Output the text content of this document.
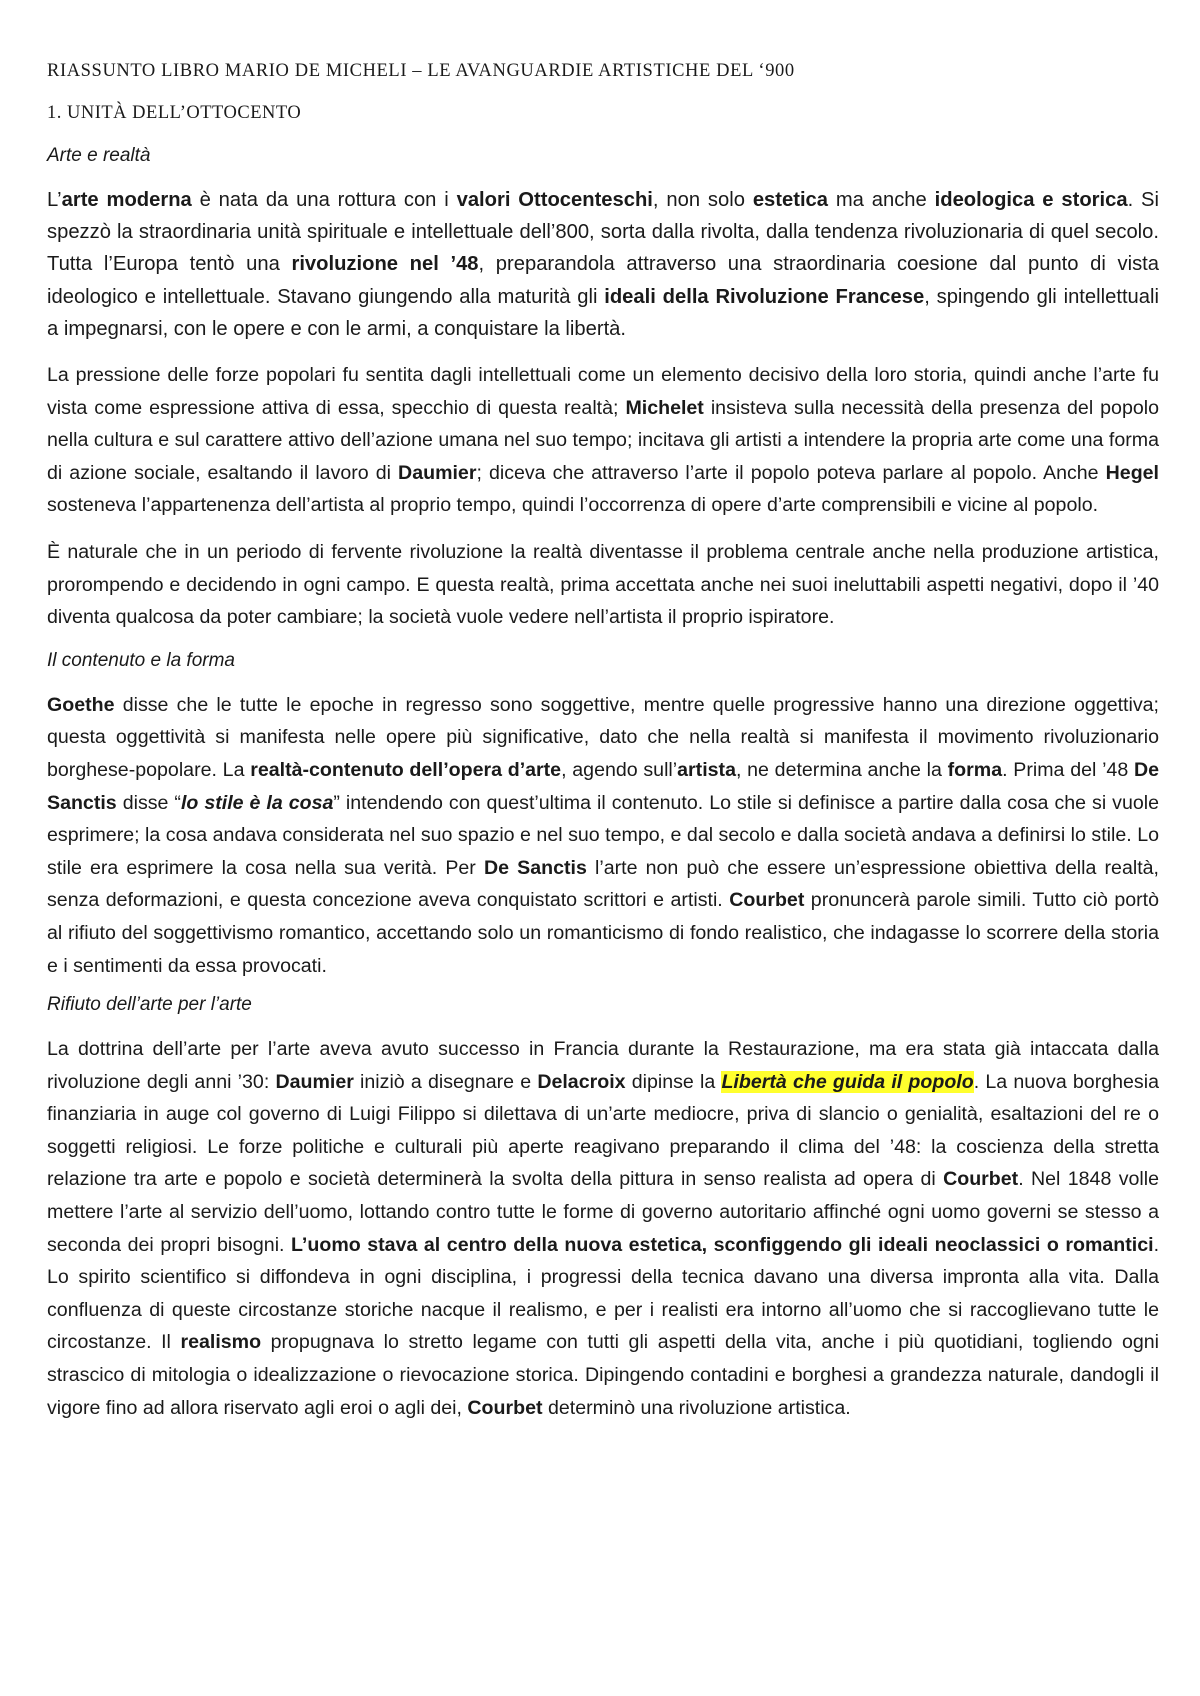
RIASSUNTO LIBRO MARIO DE MICHELI – LE AVANGUARDIE ARTISTICHE DEL ‘900
1. UNITÀ DELL’OTTOCENTO
Arte e realtà

L’arte moderna è nata da una rottura con i valori Ottocenteschi, non solo estetica ma anche ideologica e storica. Si spezzò la straordinaria unità spirituale e intellettuale dell’800, sorta dalla rivolta, dalla tendenza rivoluzionaria di quel secolo. Tutta l’Europa tentò una rivoluzione nel ’48, preparandola attraverso una straordinaria coesione dal punto di vista ideologico e intellettuale. Stavano giungendo alla maturità gli ideali della Rivoluzione Francese, spingendo gli intellettuali a impegnarsi, con le opere e con le armi, a conquistare la libertà.

La pressione delle forze popolari fu sentita dagli intellettuali come un elemento decisivo della loro storia, quindi anche l’arte fu vista come espressione attiva di essa, specchio di questa realtà; Michelet insisteva sulla necessità della presenza del popolo nella cultura e sul carattere attivo dell’azione umana nel suo tempo; incitava gli artisti a intendere la propria arte come una forma di azione sociale, esaltando il lavoro di Daumier; diceva che attraverso l’arte il popolo poteva parlare al popolo. Anche Hegel sosteneva l’appartenenza dell’artista al proprio tempo, quindi l’occorrenza di opere d’arte comprensibili e vicine al popolo.

È naturale che in un periodo di fervente rivoluzione la realtà diventasse il problema centrale anche nella produzione artistica, prorompendo e decidendo in ogni campo. E questa realtà, prima accettata anche nei suoi ineluttabili aspetti negativi, dopo il ’40 diventa qualcosa da poter cambiare; la società vuole vedere nell’artista il proprio ispiratore.

Il contenuto e la forma

Goethe disse che le tutte le epoche in regresso sono soggettive, mentre quelle progressive hanno una direzione oggettiva; questa oggettività si manifesta nelle opere più significative, dato che nella realtà si manifesta il movimento rivoluzionario borghese-popolare. La realtà-contenuto dell’opera d’arte, agendo sull’artista, ne determina anche la forma. Prima del ’48 De Sanctis disse “lo stile è la cosa” intendendo con quest’ultima il contenuto. Lo stile si definisce a partire dalla cosa che si vuole esprimere; la cosa andava considerata nel suo spazio e nel suo tempo, e dal secolo e dalla società andava a definirsi lo stile. Lo stile era esprimere la cosa nella sua verità. Per De Sanctis l’arte non può che essere un’espressione obiettiva della realtà, senza deformazioni, e questa concezione aveva conquistato scrittori e artisti. Courbet pronuncerà parole simili. Tutto ciò portò al rifiuto del soggettivismo romantico, accettando solo un romanticismo di fondo realistico, che indagasse lo scorrere della storia e i sentimenti da essa provocati.

Rifiuto dell’arte per l’arte

La dottrina dell’arte per l’arte aveva avuto successo in Francia durante la Restaurazione, ma era stata già intaccata dalla rivoluzione degli anni ’30: Daumier iniziò a disegnare e Delacroix dipinse la Libertà che guida il popolo. La nuova borghesia finanziaria in auge col governo di Luigi Filippo si dilettava di un’arte mediocre, priva di slancio o genialità, esaltazioni del re o soggetti religiosi. Le forze politiche e culturali più aperte reagivano preparando il clima del ’48: la coscienza della stretta relazione tra arte e popolo e società determinerà la svolta della pittura in senso realista ad opera di Courbet. Nel 1848 volle mettere l’arte al servizio dell’uomo, lottando contro tutte le forme di governo autoritario affinché ogni uomo governi se stesso a seconda dei propri bisogni. L’uomo stava al centro della nuova estetica, sconfiggendo gli ideali neoclassici o romantici. Lo spirito scientifico si diffondeva in ogni disciplina, i progressi della tecnica davano una diversa impronta alla vita. Dalla confluenza di queste circostanze storiche nacque il realismo, e per i realisti era intorno all’uomo che si raccoglievano tutte le circostanze. Il realismo propugnava lo stretto legame con tutti gli aspetti della vita, anche i più quotidiani, togliendo ogni strascico di mitologia o idealizzazione o rievocazione storica. Dipingendo contadini e borghesi a grandezza naturale, dandogli il vigore fino ad allora riservato agli eroi o agli dei, Courbet determinò una rivoluzione artistica.
